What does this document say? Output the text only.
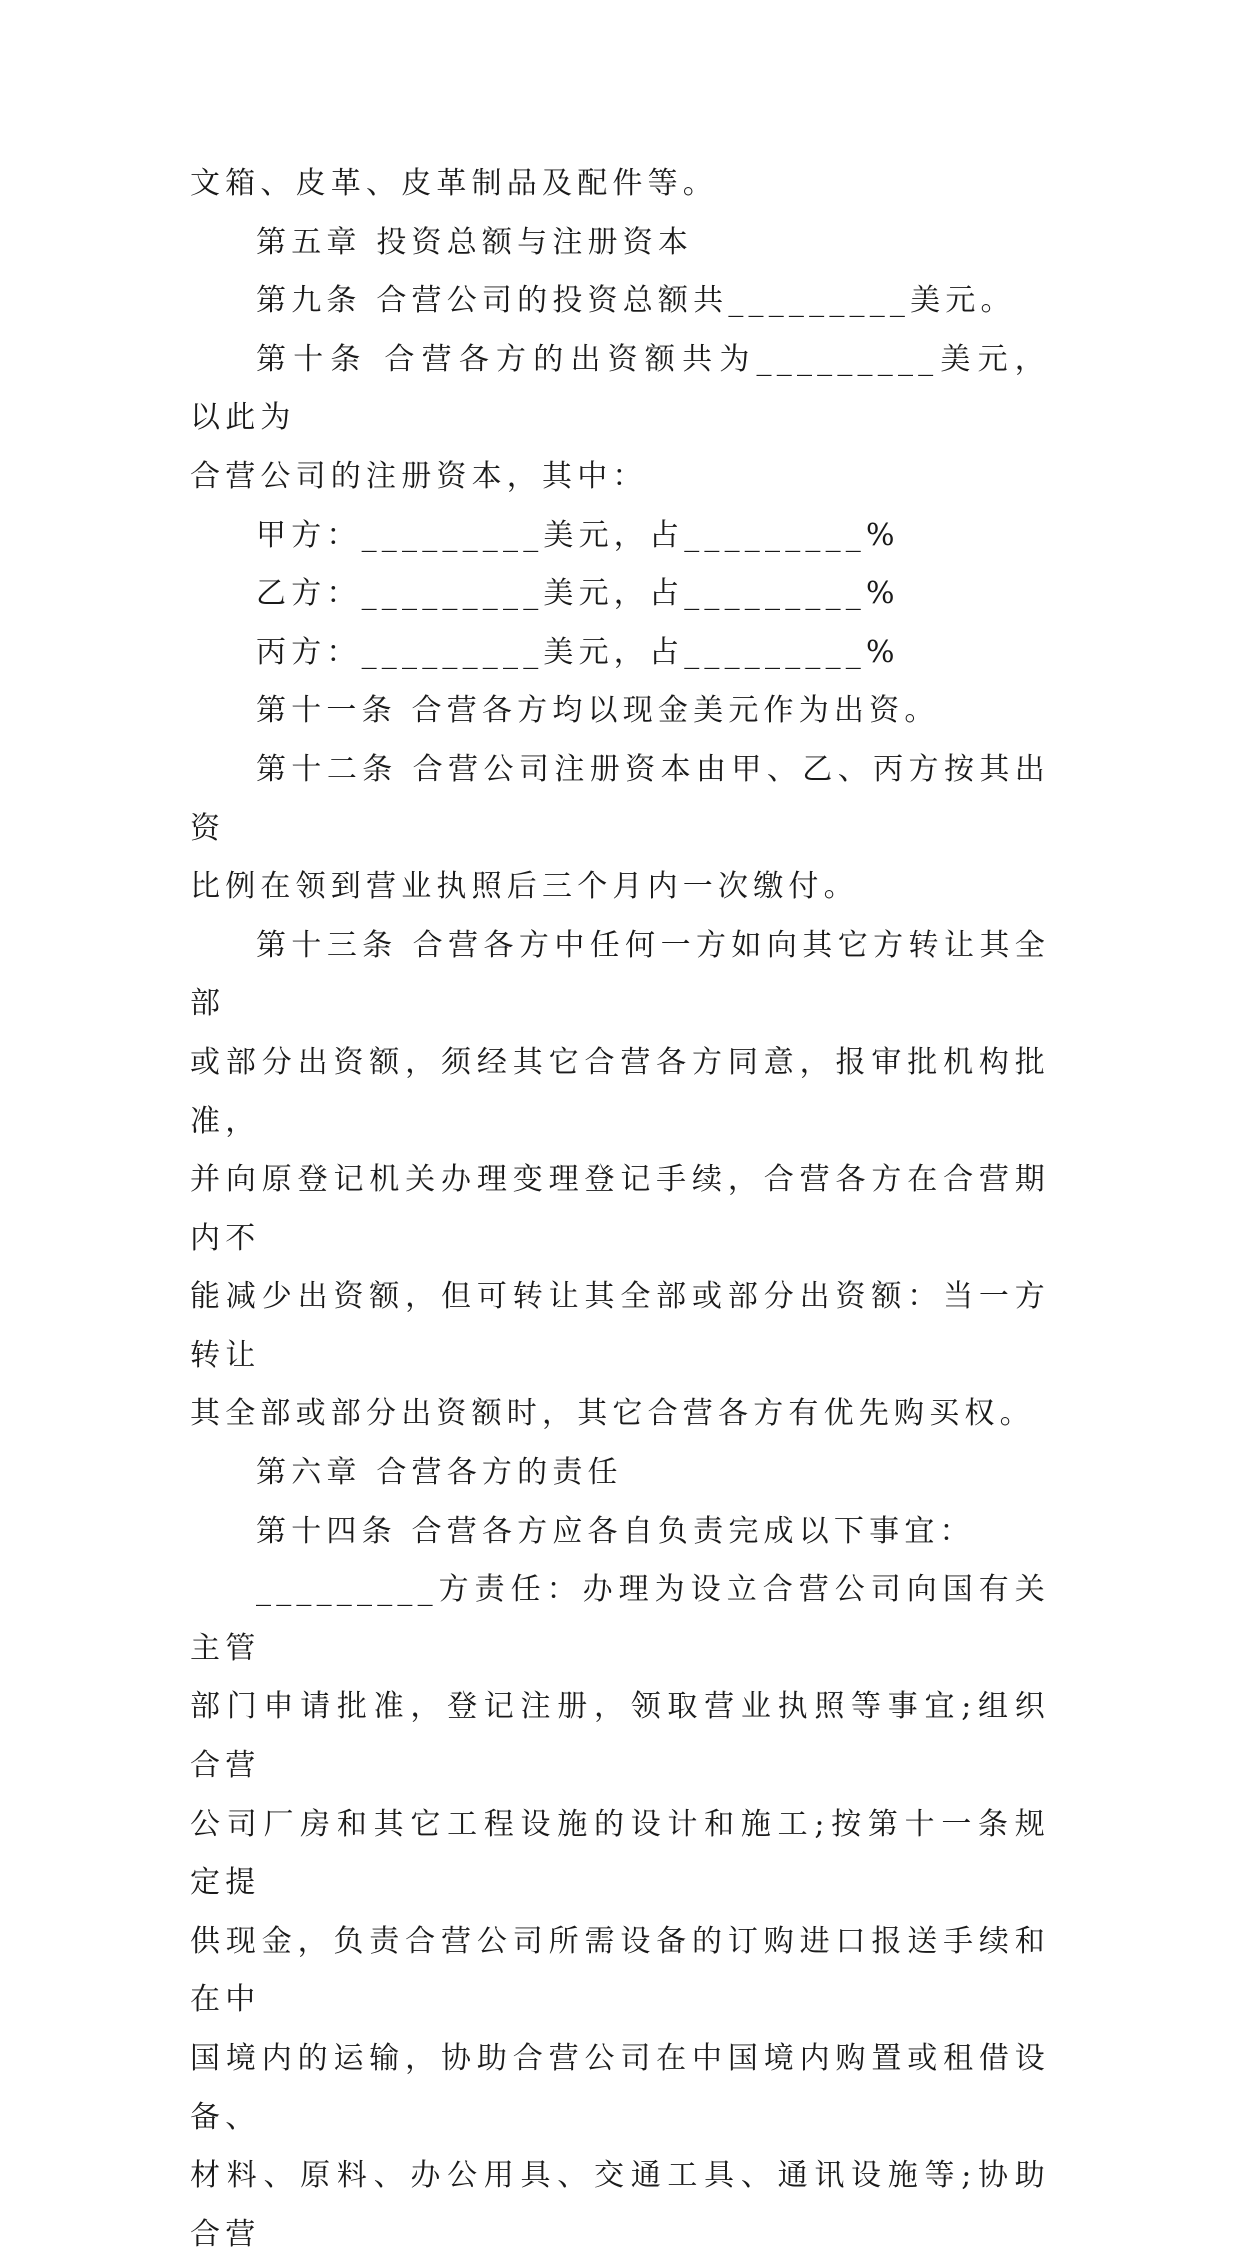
文箱、皮革、皮革制品及配件等。

第五章 投资总额与注册资本

第九条 合营公司的投资总额共_________美元。

第十条 合营各方的出资额共为_________美元，以此为

合营公司的注册资本，其中：

甲方：_________美元，占_________%

乙方：_________美元，占_________%

丙方：_________美元，占_________%

第十一条 合营各方均以现金美元作为出资。

第十二条 合营公司注册资本由甲、乙、丙方按其出资

比例在领到营业执照后三个月内一次缴付。

第十三条 合营各方中任何一方如向其它方转让其全部

或部分出资额，须经其它合营各方同意，报审批机构批准，

并向原登记机关办理变理登记手续，合营各方在合营期内不

能减少出资额，但可转让其全部或部分出资额：当一方转让

其全部或部分出资额时，其它合营各方有优先购买权。

第六章 合营各方的责任

第十四条 合营各方应各自负责完成以下事宜：

_________方责任：办理为设立合营公司向国有关主管

部门申请批准，登记注册，领取营业执照等事宜;组织合营

公司厂房和其它工程设施的设计和施工;按第十一条规定提

供现金，负责合营公司所需设备的订购进口报送手续和在中

国境内的运输，协助合营公司在中国境内购置或租借设备、

材料、原料、办公用具、交通工具、通讯设施等;协助合营
